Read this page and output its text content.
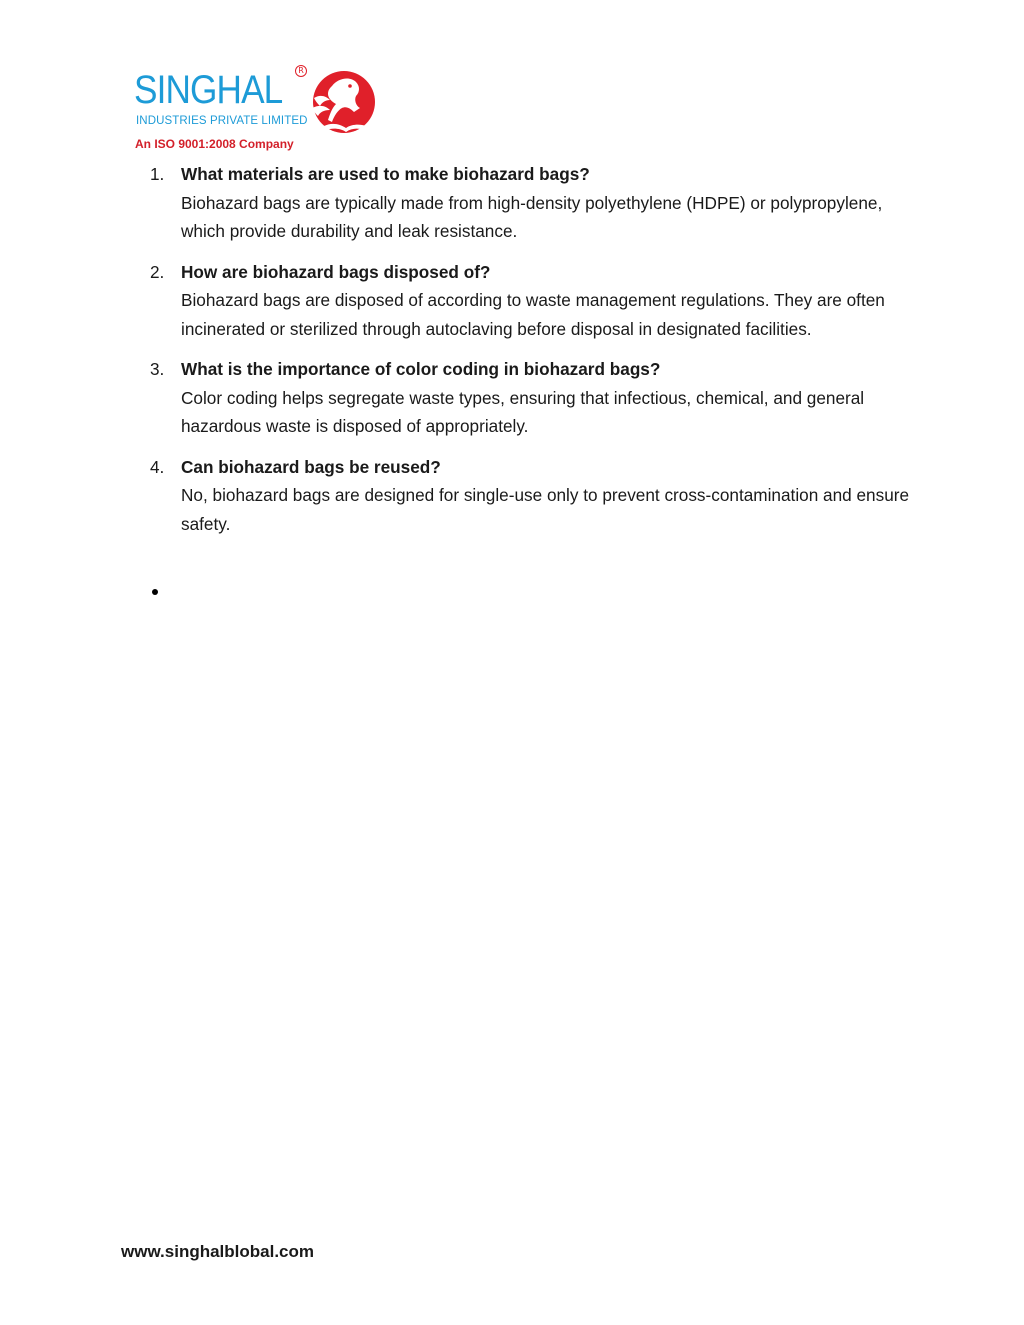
SINGHAL	R
INDUSTRIES PRIVATE LIMITED
An ISO 9001:2008 Company
1. What materials are used to make biohazard bags?
Biohazard bags are typically made from high-density polyethylene (HDPE) or polypropylene, which provide durability and leak resistance.
2. How are biohazard bags disposed of?
Biohazard bags are disposed of according to waste management regulations. They are often incinerated or sterilized through autoclaving before disposal in designated facilities.
3. What is the importance of color coding in biohazard bags?
Color coding helps segregate waste types, ensuring that infectious, chemical, and general hazardous waste is disposed of appropriately.
4. Can biohazard bags be reused?
No, biohazard bags are designed for single-use only to prevent cross-contamination and ensure safety.
www.singhalblobal.com
